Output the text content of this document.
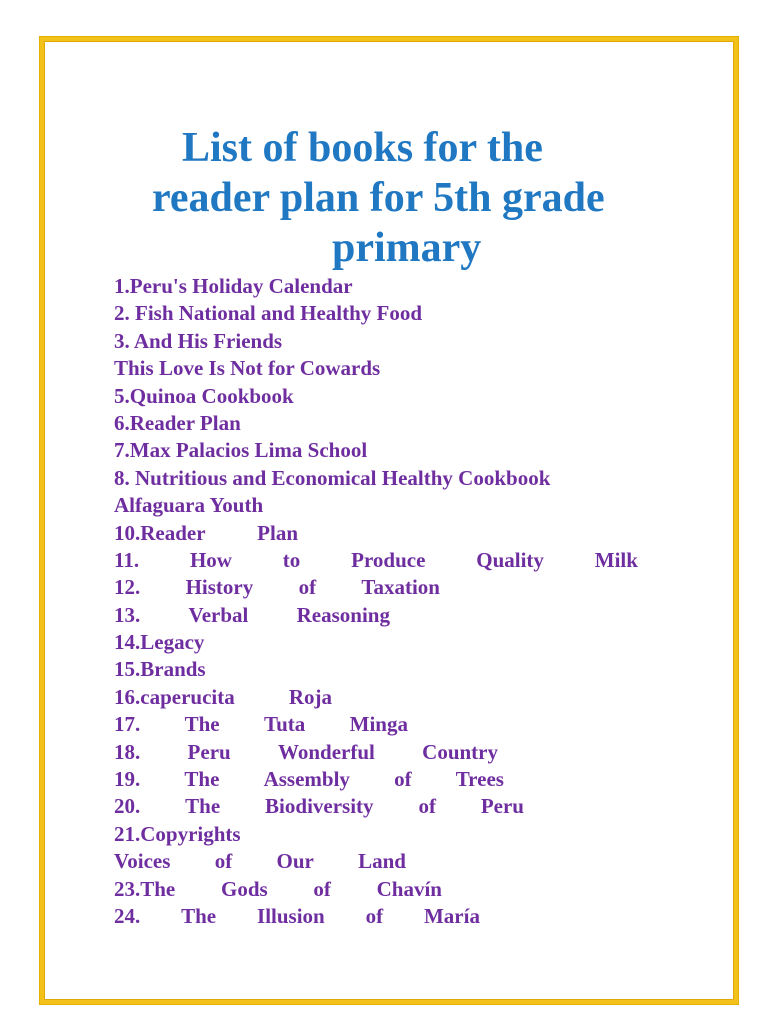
List of books for the
reader plan for 5th grade
primary
1.Peru's Holiday Calendar
2. Fish National and Healthy Food
3. And His Friends
This Love Is Not for Cowards
5.Quinoa Cookbook
6.Reader Plan
7.Max Palacios Lima School
8. Nutritious and Economical Healthy Cookbook
Alfaguara Youth
10.Reader Plan
11. How to Produce Quality Milk
12. History of Taxation
13. Verbal Reasoning
14.Legacy
15.Brands
16.caperucita	Roja
17. The Tuta Minga
18. Peru Wonderful Country
19. The Assembly of Trees
20. The Biodiversity of Peru
21.Copyrights
Voices of Our Land
23.The Gods of Chavín
24. The Illusion of María
